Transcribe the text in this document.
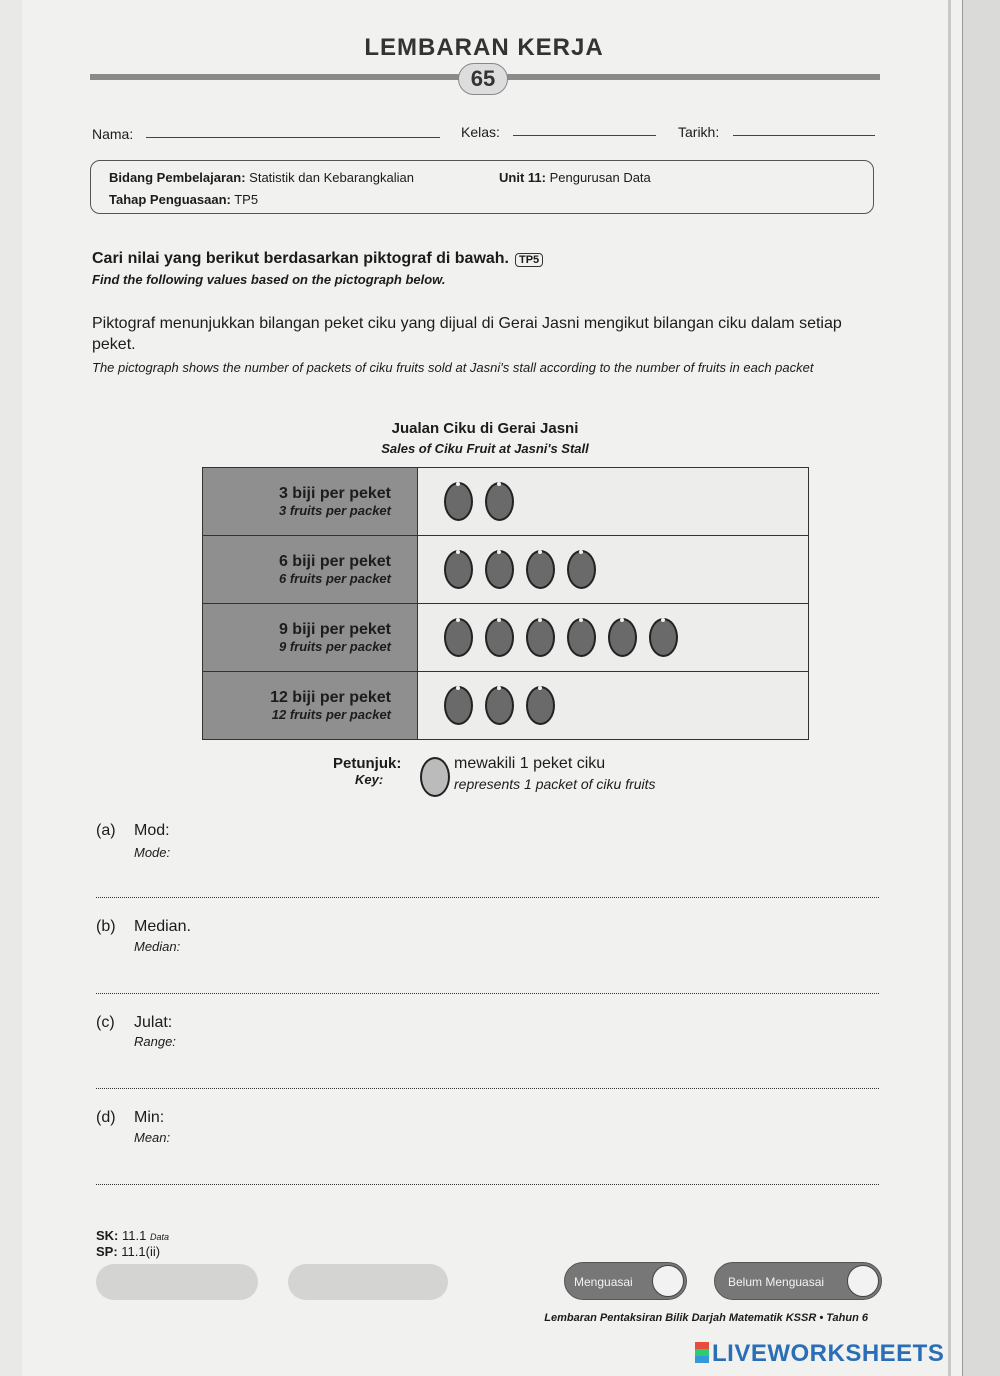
LEMBARAN KERJA
65
Nama:	Kelas:	Tarikh:
Bidang Pembelajaran: Statistik dan Kebarangkalian	Unit 11: Pengurusan Data
Tahap Penguasaan: TP5
Cari nilai yang berikut berdasarkan piktograf di bawah. TP5
Find the following values based on the pictograph below.
Piktograf menunjukkan bilangan peket ciku yang dijual di Gerai Jasni mengikut bilangan ciku dalam setiap peket.
The pictograph shows the number of packets of ciku fruits sold at Jasni's stall according to the number of fruits in each packet
Jualan Ciku di Gerai Jasni
Sales of Ciku Fruit at Jasni's Stall
3 biji per peket
3 fruits per packet	

6 biji per peket
6 fruits per packet	

9 biji per peket
9 fruits per packet	

12 biji per peket
12 fruits per packet	

Petunjuk:
Key:
mewakili 1 peket ciku
represents 1 packet of ciku fruits
(a) Mod:
Mode:
(b) Median.
Median:
(c) Julat:
Range:
(d) Min:
Mean:
SK: 11.1 Data
SP: 11.1(ii)
Menguasai	Belum Menguasai
Lembaran Pentaksiran Bilik Darjah Matematik KSSR • Tahun 6
LIVEWORKSHEETS
